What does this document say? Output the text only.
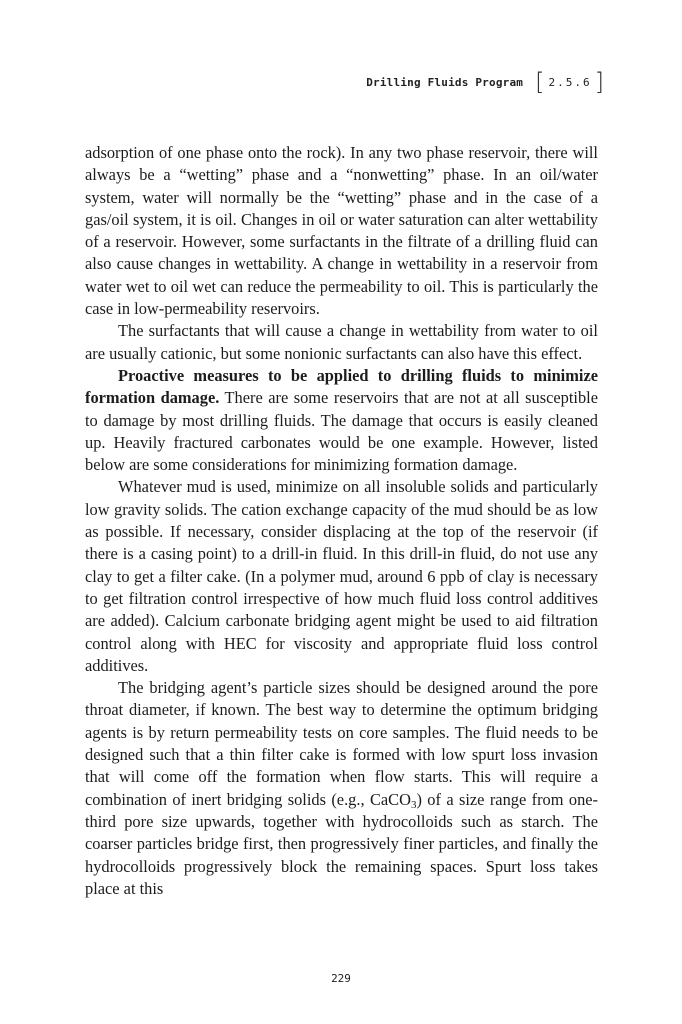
Drilling Fluids Program [ 2.5.6 ]

adsorption of one phase onto the rock). In any two phase reservoir, there will always be a “wetting” phase and a “nonwetting” phase. In an oil/water system, water will normally be the “wetting” phase and in the case of a gas/oil system, it is oil. Changes in oil or water saturation can alter wettability of a reservoir. However, some surfactants in the filtrate of a drilling fluid can also cause changes in wettability. A change in wettability in a reservoir from water wet to oil wet can reduce the permeability to oil. This is particularly the case in low-permeability reservoirs.

The surfactants that will cause a change in wettability from water to oil are usually cationic, but some nonionic surfactants can also have this effect.

Proactive measures to be applied to drilling fluids to minimize formation damage. There are some reservoirs that are not at all susceptible to damage by most drilling fluids. The damage that occurs is easily cleaned up. Heavily fractured carbonates would be one example. However, listed below are some considerations for minimizing formation damage.

Whatever mud is used, minimize on all insoluble solids and particularly low gravity solids. The cation exchange capacity of the mud should be as low as possible. If necessary, consider displacing at the top of the reservoir (if there is a casing point) to a drill-in fluid. In this drill-in fluid, do not use any clay to get a filter cake. (In a polymer mud, around 6 ppb of clay is necessary to get filtration control irrespective of how much fluid loss control additives are added). Calcium carbonate bridging agent might be used to aid filtration control along with HEC for viscosity and appropriate fluid loss control additives.

The bridging agent’s particle sizes should be designed around the pore throat diameter, if known. The best way to determine the optimum bridging agents is by return permeability tests on core samples. The fluid needs to be designed such that a thin filter cake is formed with low spurt loss invasion that will come off the formation when flow starts. This will require a combination of inert bridging solids (e.g., CaCO$_3$) of a size range from one-third pore size upwards, together with hydrocolloids such as starch. The coarser particles bridge first, then progressively finer particles, and finally the hydrocolloids progressively block the remaining spaces. Spurt loss takes place at this

229
